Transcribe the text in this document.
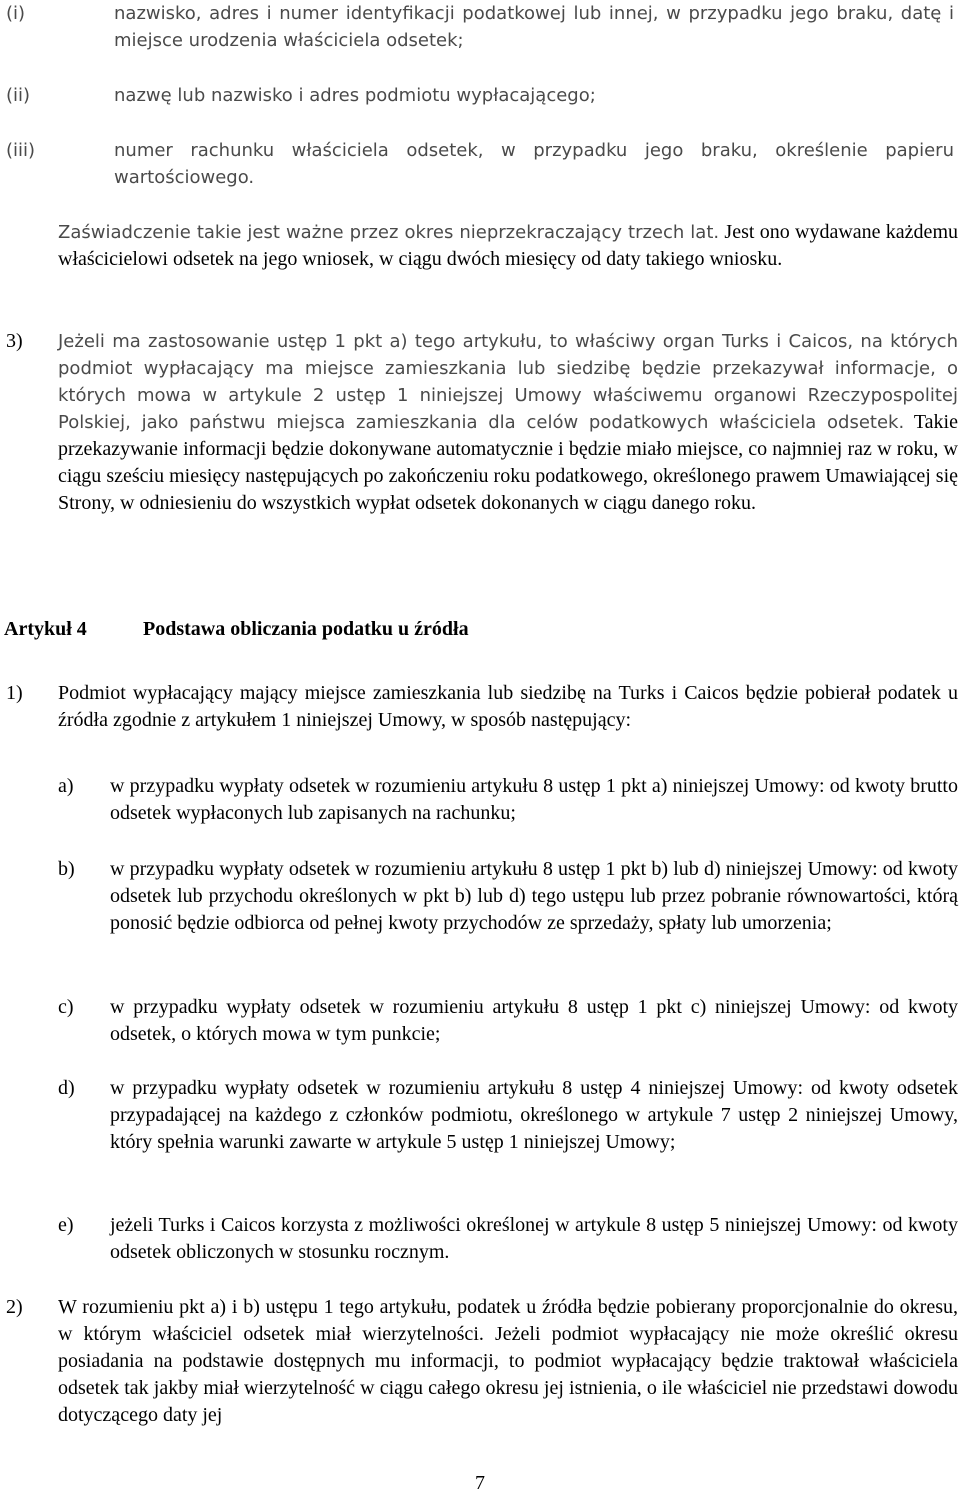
(i)	nazwisko, adres i numer identyfikacji podatkowej lub innej, w przypadku jego braku, datę i miejsce urodzenia właściciela odsetek;
(ii)	nazwę lub nazwisko i adres podmiotu wypłacającego;
(iii)	numer rachunku właściciela odsetek, w przypadku jego braku, określenie papieru wartościowego.
Zaświadczenie takie jest ważne przez okres nieprzekraczający trzech lat. Jest ono wydawane każdemu właścicielowi odsetek na jego wniosek, w ciągu dwóch miesięcy od daty takiego wniosku.
3) Jeżeli ma zastosowanie ustęp 1 pkt a) tego artykułu, to właściwy organ Turks i Caicos, na których podmiot wypłacający ma miejsce zamieszkania lub siedzibę będzie przekazywał informacje, o których mowa w artykule 2 ustęp 1 niniejszej Umowy właściwemu organowi Rzeczypospolitej Polskiej, jako państwu miejsca zamieszkania dla celów podatkowych właściciela odsetek. Takie przekazywanie informacji będzie dokonywane automatycznie i będzie miało miejsce, co najmniej raz w roku, w ciągu sześciu miesięcy następujących po zakończeniu roku podatkowego, określonego prawem Umawiającej się Strony, w odniesieniu do wszystkich wypłat odsetek dokonanych w ciągu danego roku.
Artykuł 4	Podstawa obliczania podatku u źródła
1) Podmiot wypłacający mający miejsce zamieszkania lub siedzibę na Turks i Caicos będzie pobierał podatek u źródła zgodnie z artykułem 1 niniejszej Umowy, w sposób następujący:
a) w przypadku wypłaty odsetek w rozumieniu artykułu 8 ustęp 1 pkt a) niniejszej Umowy: od kwoty brutto odsetek wypłaconych lub zapisanych na rachunku;
b) w przypadku wypłaty odsetek w rozumieniu artykułu 8 ustęp 1 pkt b) lub d) niniejszej Umowy: od kwoty odsetek lub przychodu określonych w pkt b) lub d) tego ustępu lub przez pobranie równowartości, którą ponosić będzie odbiorca od pełnej kwoty przychodów ze sprzedaży, spłaty lub umorzenia;
c) w przypadku wypłaty odsetek w rozumieniu artykułu 8 ustęp 1 pkt c) niniejszej Umowy: od kwoty odsetek, o których mowa w tym punkcie;
d) w przypadku wypłaty odsetek w rozumieniu artykułu 8 ustęp 4 niniejszej Umowy: od kwoty odsetek przypadającej na każdego z członków podmiotu, określonego w artykule 7 ustęp 2 niniejszej Umowy, który spełnia warunki zawarte w artykule 5 ustęp 1 niniejszej Umowy;
e) jeżeli Turks i Caicos korzysta z możliwości określonej w artykule 8 ustęp 5 niniejszej Umowy: od kwoty odsetek obliczonych w stosunku rocznym.
2) W rozumieniu pkt a) i b) ustępu 1 tego artykułu, podatek u źródła będzie pobierany proporcjonalnie do okresu, w którym właściciel odsetek miał wierzytelności. Jeżeli podmiot wypłacający nie może określić okresu posiadania na podstawie dostępnych mu informacji, to podmiot wypłacający będzie traktował właściciela odsetek tak jakby miał wierzytelność w ciągu całego okresu jej istnienia, o ile właściciel nie przedstawi dowodu dotyczącego daty jej
7
